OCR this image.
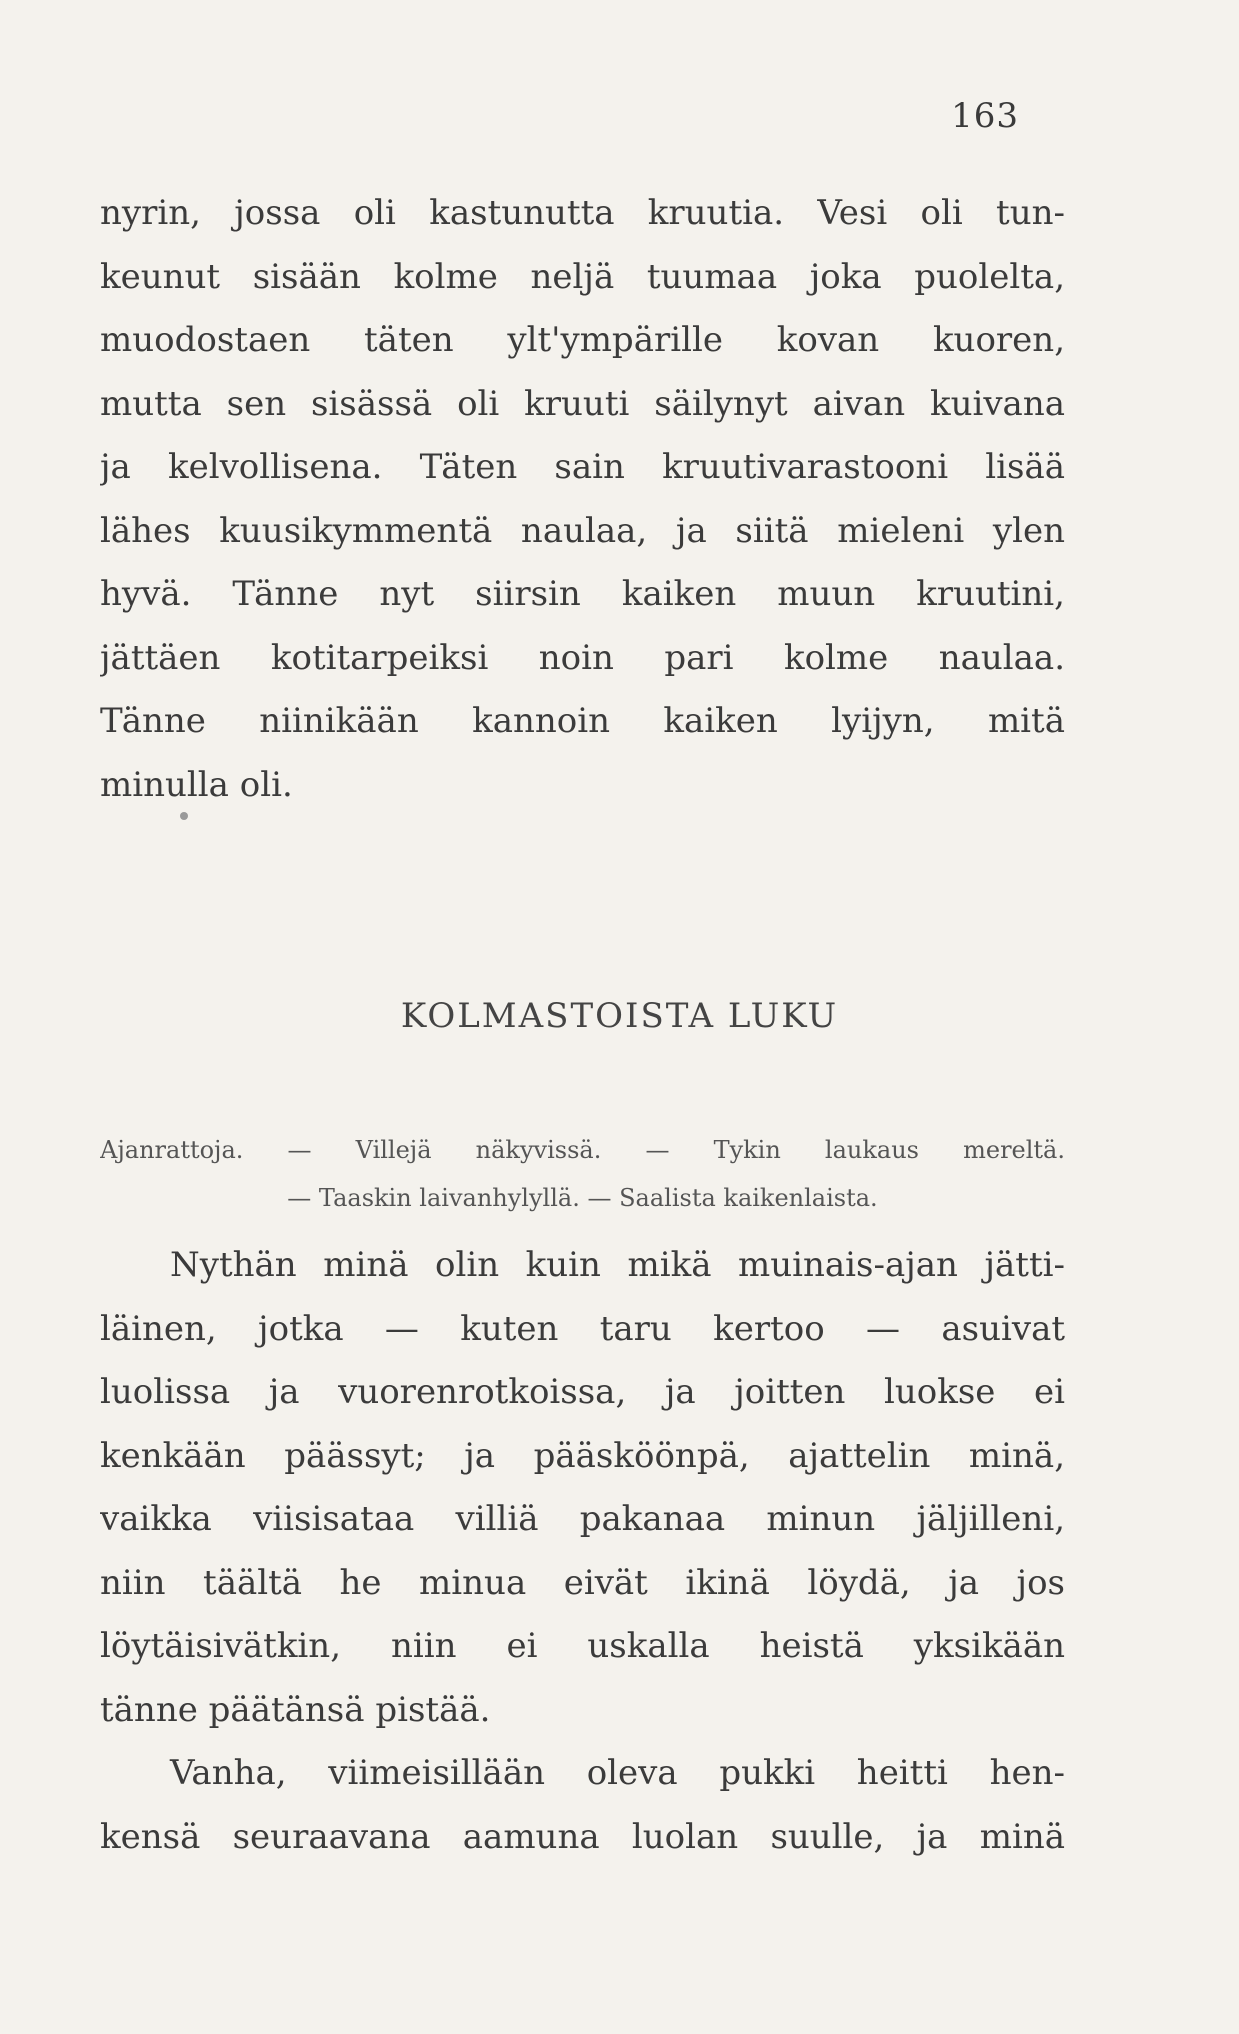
163
nyrin, jossa oli kastunutta kruutia. Vesi oli tun-
keunut sisään kolme neljä tuumaa joka puolelta,
muodostaen täten ylt'ympärille kovan kuoren,
mutta sen sisässä oli kruuti säilynyt aivan kuivana
ja kelvollisena. Täten sain kruutivarastooni lisää
lähes kuusikymmentä naulaa, ja siitä mieleni ylen
hyvä. Tänne nyt siirsin kaiken muun kruutini,
jättäen kotitarpeiksi noin pari kolme naulaa.
Tänne niinikään kannoin kaiken lyijyn, mitä
minulla oli.
KOLMASTOISTA LUKU
Ajanrattoja. — Villejä näkyvissä. — Tykin laukaus mereltä.
— Taaskin laivanhylyllä. — Saalista kaikenlaista.
Nythän minä olin kuin mikä muinais-ajan jätti-
läinen, jotka — kuten taru kertoo — asuivat
luolissa ja vuorenrotkoissa, ja joitten luokse ei
kenkään päässyt; ja pääsköönpä, ajattelin minä,
vaikka viisisataa villiä pakanaa minun jäljilleni,
niin täältä he minua eivät ikinä löydä, ja jos
löytäisivätkin, niin ei uskalla heistä yksikään
tänne päätänsä pistää.
Vanha, viimeisillään oleva pukki heitti hen-
kensä seuraavana aamuna luolan suulle, ja minä
